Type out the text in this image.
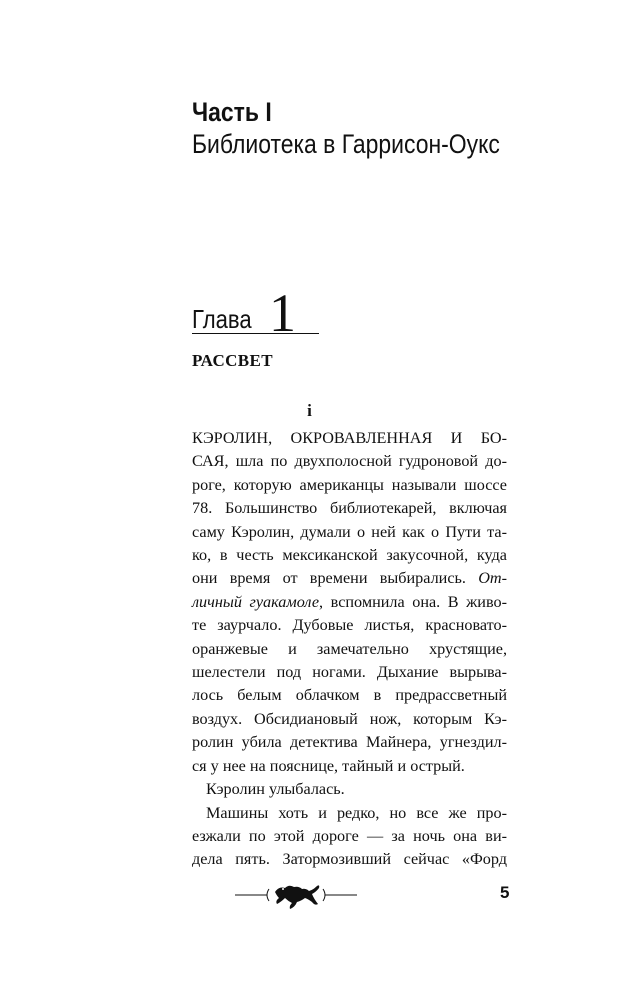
Часть I
Библиотека в Гаррисон-Оукс
Глава 1
РАССВЕТ
i
КЭРОЛИН, ОКРОВАВЛЕННАЯ И БО-
САЯ, шла по двухполосной гудроновой до-
роге, которую американцы называли шоссе
78. Большинство библиотекарей, включая
саму Кэролин, думали о ней как о Пути та-
ко, в честь мексиканской закусочной, куда
они время от времени выбирались. От-
личный гуакамоле, вспомнила она. В живо-
те заурчало. Дубовые листья, красновато-
оранжевые и замечательно хрустящие,
шелестели под ногами. Дыхание вырыва-
лось белым облачком в предрассветный
воздух. Обсидиановый нож, которым Кэ-
ролин убила детектива Майнера, угнездил-
ся у нее на пояснице, тайный и острый.
Кэролин улыбалась.
Машины хоть и редко, но все же про-
езжали по этой дороге — за ночь она ви-
дела пять. Затормозивший сейчас «Форд
5
